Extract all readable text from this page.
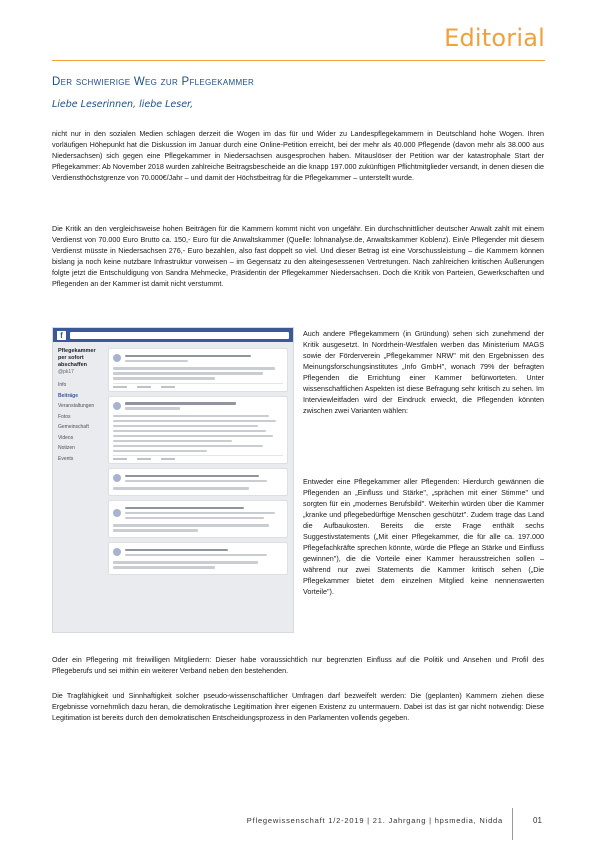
Editorial
Der schwierige Weg zur Pflegekammer
Liebe Leserinnen, liebe Leser,

nicht nur in den sozialen Medien schlagen derzeit die Wogen im das für und Wider zu Landespflegekammern in Deutschland hohe Wogen. Ihren vorläufigen Höhepunkt hat die Diskussion im Januar durch eine Online-Petition erreicht, bei der mehr als 40.000 Pflegende (davon mehr als 38.000 aus Niedersachsen) sich gegen eine Pflegekammer in Niedersachsen ausgesprochen haben. Mitauslöser der Petition war der katastrophale Start der Pflegekammer: Ab November 2018 wurden zahlreiche Beitragsbescheide an die knapp 197.000 zukünftigen Pflichtmitglieder versandt, in denen diesen die Verdiensthöchstgrenze von 70.000€/Jahr – und damit der Höchstbeitrag für die Pflegekammer – unterstellt wurde.

Die Kritik an den vergleichsweise hohen Beiträgen für die Kammern kommt nicht von ungefähr. Ein durchschnittlicher deutscher Anwalt zahlt mit einem Verdienst von 70.000 Euro Brutto ca. 150,- Euro für die Anwaltskammer (Quelle: lohnanalyse.de, Anwaltskammer Koblenz). Ein/e Pflegender mit diesem Verdienst müsste in Niedersachsen 276,- Euro bezahlen, also fast doppelt so viel. Und dieser Betrag ist eine Vorschussleistung – die Kammern können bislang ja noch keine nutzbare Infrastruktur vorweisen – im Gegensatz zu den alteingesessenen Vertretungen. Nach zahlreichen kritischen Äußerungen folgte jetzt die Entschuldigung von Sandra Mehmecke, Präsidentin der Pflegekammer Niedersachsen. Doch die Kritik von Parteien, Gewerkschaften und Pflegenden an der Kammer ist damit nicht verstummt.

f
Pflegekammer per sofort abschaffen
@pk17
Info
Beiträge
Veranstaltungen
Fotos
Gemeinschaft
Videos
Notizen
Events

Auch andere Pflegekammern (in Gründung) sehen sich zunehmend der Kritik ausgesetzt. In Nordrhein-Westfalen werben das Ministerium MAGS sowie der Förderverein „Pflegekammer NRW" mit den Ergebnissen des Meinungsforschungsinstitutes „Info GmbH", wonach 79% der befragten Pflegenden die Errichtung einer Kammer befürworteten. Unter wissenschaftlichen Aspekten ist diese Befragung sehr kritisch zu sehen. Im Interviewleitfaden wird der Eindruck erweckt, die Pflegenden könnten zwischen zwei Varianten wählen:

Entweder eine Pflegekammer aller Pflegenden: Hierdurch gewännen die Pflegenden an „Einfluss und Stärke", „sprächen mit einer Stimme" und sorgten für ein „modernes Berufsbild". Weiterhin würden über die Kammer „kranke und pflegebedürftige Menschen geschützt". Zudem trage das Land die Aufbaukosten. Bereits die erste Frage enthält sechs Suggestivstatements („Mit einer Pflegekammer, die für alle ca. 197.000 Pflegefachkräfte sprechen könnte, würde die Pflege an Stärke und Einfluss gewinnen"), die die Vorteile einer Kammer herausstreichen sollen – während nur zwei Statements die Kammer kritisch sehen („Die Pflegekammer bietet dem einzelnen Mitglied keine nennenswerten Vorteile").

Oder ein Pflegering mit freiwilligen Mitgliedern: Dieser habe voraussichtlich nur begrenzten Einfluss auf die Politik und Ansehen und Profil des Pflegeberufs und sei mithin ein weiterer Verband neben den bestehenden.

Die Tragfähigkeit und Sinnhaftigkeit solcher pseudo-wissenschaftlicher Umfragen darf bezweifelt werden: Die (geplanten) Kammern ziehen diese Ergebnisse vornehmlich dazu heran, die demokratische Legitimation ihrer eigenen Existenz zu untermauern. Dabei ist das ist gar nicht notwendig: Diese Legitimation ist bereits durch den demokratischen Entscheidungsprozess in den Parlamenten vollends gegeben.

Pflegewissenschaft 1/2-2019 | 21. Jahrgang | hpsmedia, Nidda	01
